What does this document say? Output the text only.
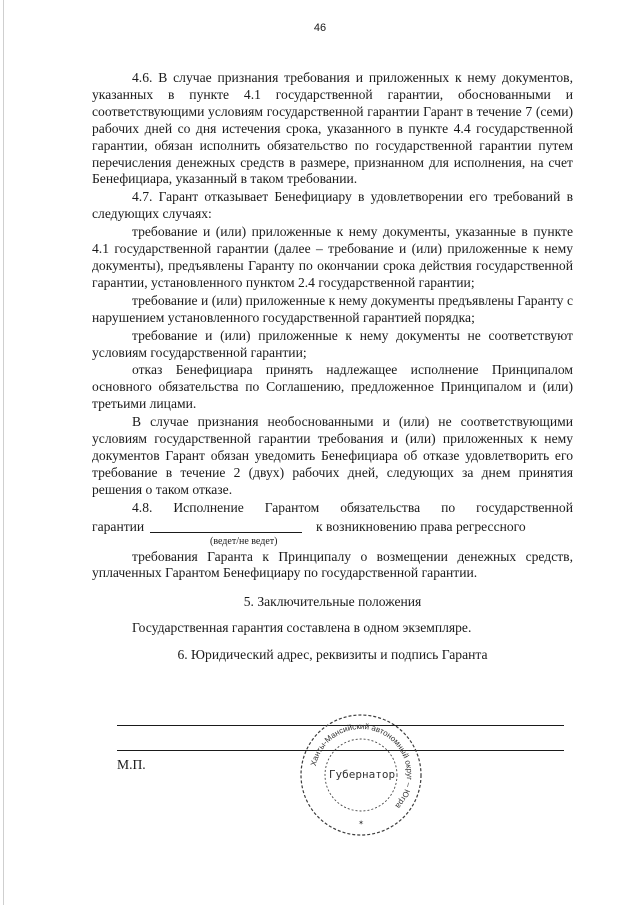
46

4.6. В случае признания требования и приложенных к нему документов, указанных в пункте 4.1 государственной гарантии, обоснованными и соответствующими условиям государственной гарантии Гарант в течение 7 (семи) рабочих дней со дня истечения срока, указанного в пункте 4.4 государственной гарантии, обязан исполнить обязательство по государственной гарантии путем перечисления денежных средств в размере, признанном для исполнения, на счет Бенефициара, указанный в таком требовании.

4.7. Гарант отказывает Бенефициару в удовлетворении его требований в следующих случаях:

требование и (или) приложенные к нему документы, указанные в пункте 4.1 государственной гарантии (далее – требование и (или) приложенные к нему документы), предъявлены Гаранту по окончании срока действия государственной гарантии, установленного пунктом 2.4 государственной гарантии;

требование и (или) приложенные к нему документы предъявлены Гаранту с нарушением установленного государственной гарантией порядка;

требование и (или) приложенные к нему документы не соответствуют условиям государственной гарантии;

отказ Бенефициара принять надлежащее исполнение Принципалом основного обязательства по Соглашению, предложенное Принципалом и (или) третьими лицами.

В случае признания необоснованными и (или) не соответствующими условиям государственной гарантии требования и (или) приложенных к нему документов Гарант обязан уведомить Бенефициара об отказе удовлетворить его требование в течение 2 (двух) рабочих дней, следующих за днем принятия решения о таком отказе.

4.8. Исполнение Гарантом обязательства по государственной

гарантии	к возникновению права регрессного
(ведет/не ведет)

требования Гаранта к Принципалу о возмещении денежных средств, уплаченных Гарантом Бенефициару по государственной гарантии.

5. Заключительные положения

Государственная гарантия составлена в одном экземпляре.

6. Юридический адрес, реквизиты и подпись Гаранта

М.П.	Ханты-Мансийский автономный округ – Югра
Губернатор
✶
